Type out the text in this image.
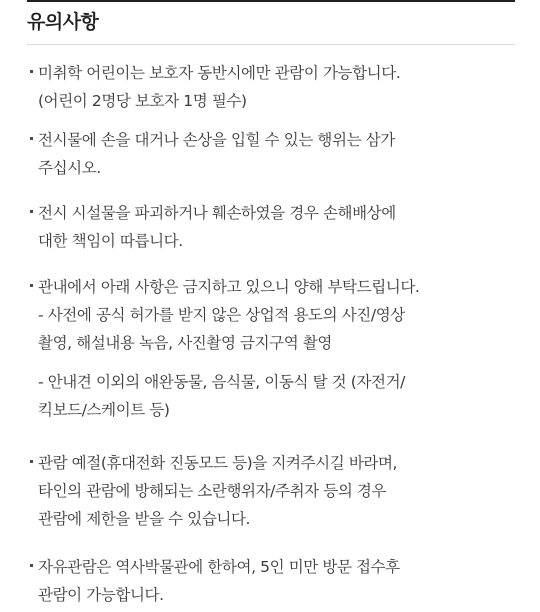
유의사항
미취학 어린이는 보호자 동반시에만 관람이 가능합니다.
(어린이 2명당 보호자 1명 필수)
전시물에 손을 대거나 손상을 입힐 수 있는 행위는 삼가
주십시오.
전시 시설물을 파괴하거나 훼손하였을 경우 손해배상에
대한 책임이 따릅니다.
관내에서 아래 사항은 금지하고 있으니 양해 부탁드립니다.
- 사전에 공식 허가를 받지 않은 상업적 용도의 사진/영상
촬영, 해설내용 녹음, 사진촬영 금지구역 촬영
- 안내견 이외의 애완동물, 음식물, 이동식 탈 것 (자전거/
킥보드/스케이트 등)
관람 예절(휴대전화 진동모드 등)을 지켜주시길 바라며,
타인의 관람에 방해되는 소란행위자/주취자 등의 경우
관람에 제한을 받을 수 있습니다.
자유관람은 역사박물관에 한하여, 5인 미만 방문 접수후
관람이 가능합니다.
